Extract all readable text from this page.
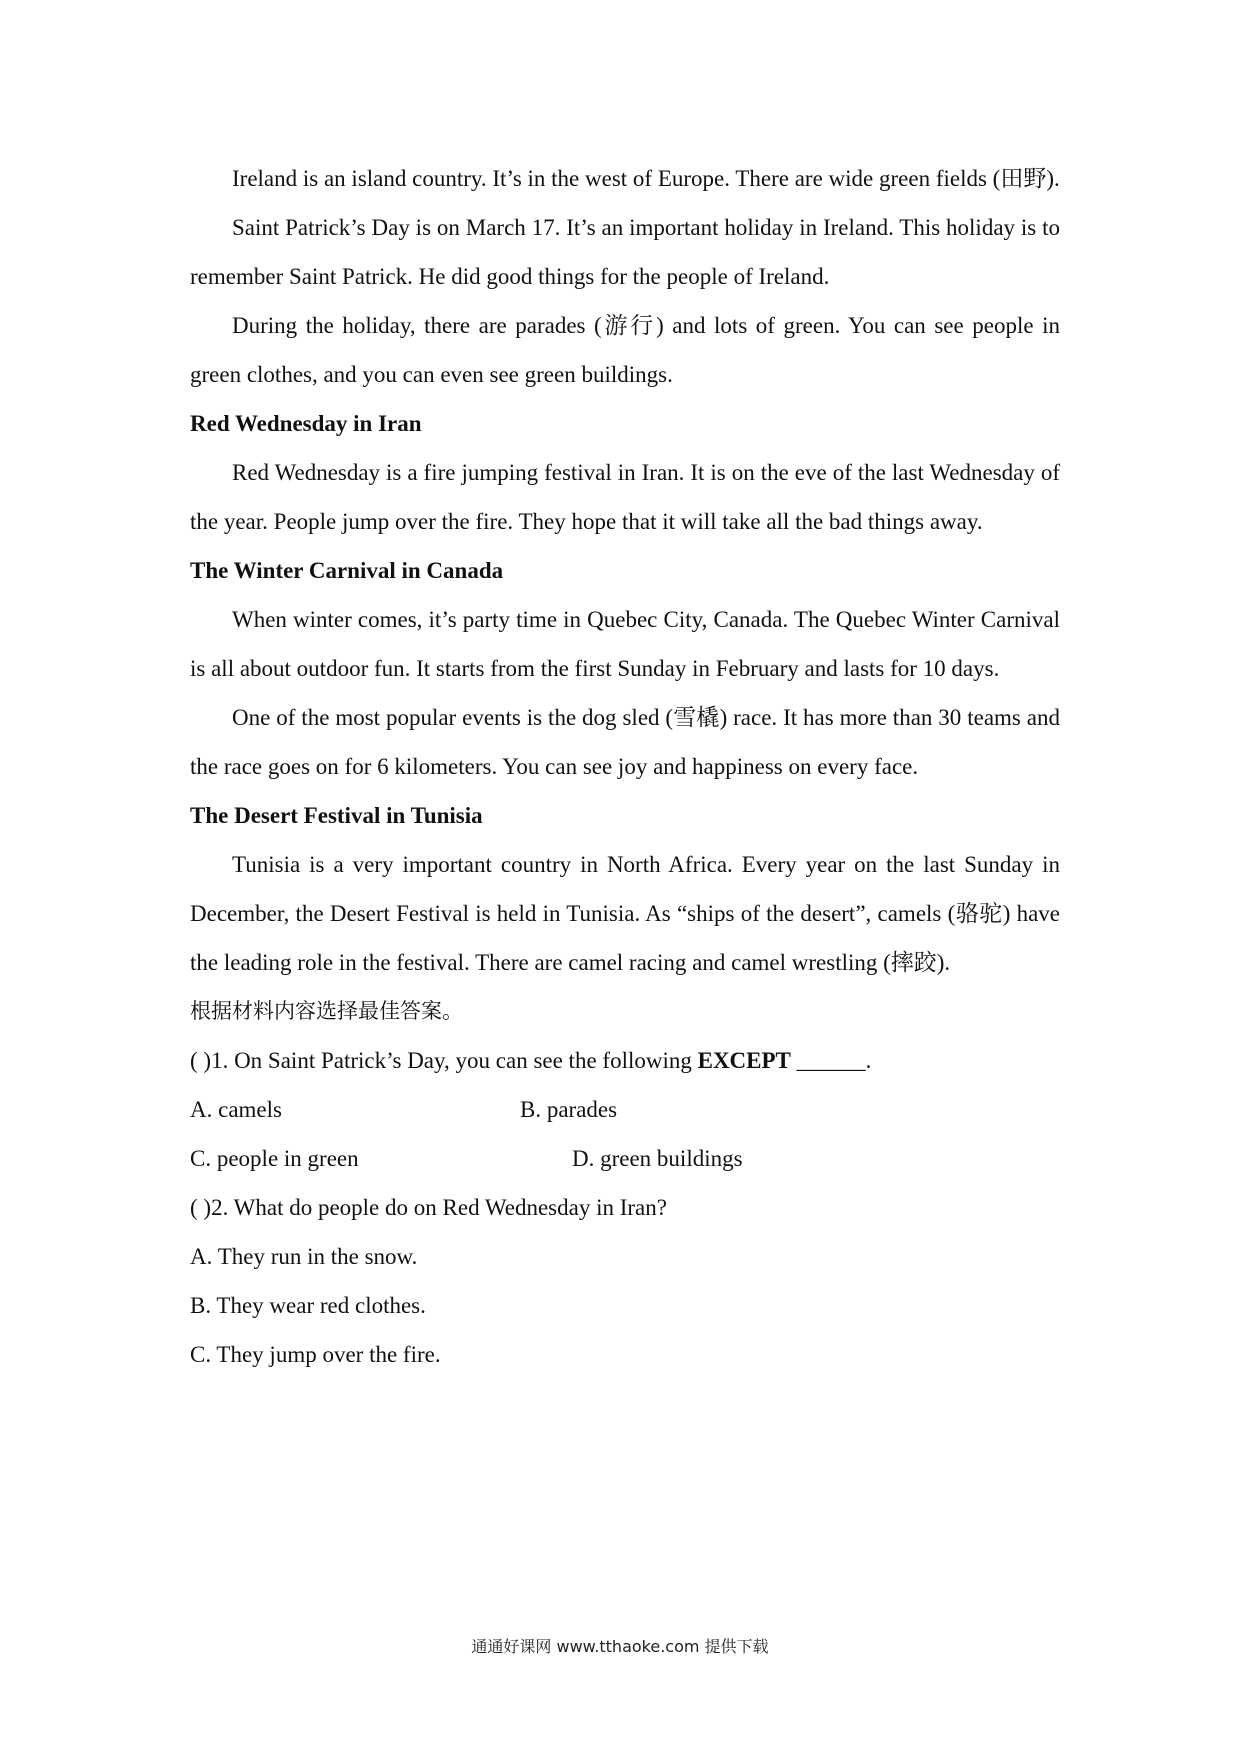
Ireland is an island country. It’s in the west of Europe. There are wide green fields (田野).

Saint Patrick’s Day is on March 17. It’s an important holiday in Ireland. This holiday is to remember Saint Patrick. He did good things for the people of Ireland.

During the holiday, there are parades (游行) and lots of green. You can see people in green clothes, and you can even see green buildings.

Red Wednesday in Iran

Red Wednesday is a fire jumping festival in Iran. It is on the eve of the last Wednesday of the year. People jump over the fire. They hope that it will take all the bad things away.

The Winter Carnival in Canada

When winter comes, it’s party time in Quebec City, Canada. The Quebec Winter Carnival is all about outdoor fun. It starts from the first Sunday in February and lasts for 10 days.

One of the most popular events is the dog sled (雪橇) race. It has more than 30 teams and the race goes on for 6 kilometers. You can see joy and happiness on every face.

The Desert Festival in Tunisia

Tunisia is a very important country in North Africa. Every year on the last Sunday in December, the Desert Festival is held in Tunisia. As “ships of the desert”, camels (骆驼) have the leading role in the festival. There are camel racing and camel wrestling (摔跤).

根据材料内容选择最佳答案。

( )1. On Saint Patrick’s Day, you can see the following EXCEPT ______.

A. camels	B. parades
C. people in green	D. green buildings

( )2. What do people do on Red Wednesday in Iran?

A. They run in the snow.

B. They wear red clothes.

C. They jump over the fire.

通通好课网 www.tthaoke.com 提供下载
